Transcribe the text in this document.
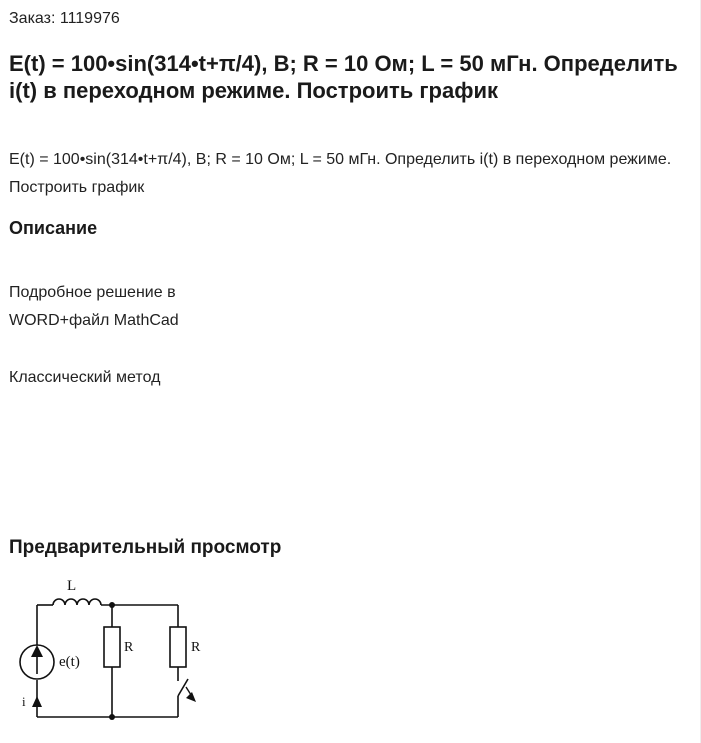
Заказ: 1119976
E(t) = 100•sin(314•t+π/4), В; R = 10 Ом; L = 50 мГн. Определить i(t) в переходном режиме. Построить график

E(t) = 100•sin(314•t+π/4), В; R = 10 Ом; L = 50 мГн. Определить i(t) в переходном режиме. Построить график

Описание
Подробное решение в
WORD+файл MathCad
Классический метод
Предварительный просмотр
L
e(t)
R	R
i
